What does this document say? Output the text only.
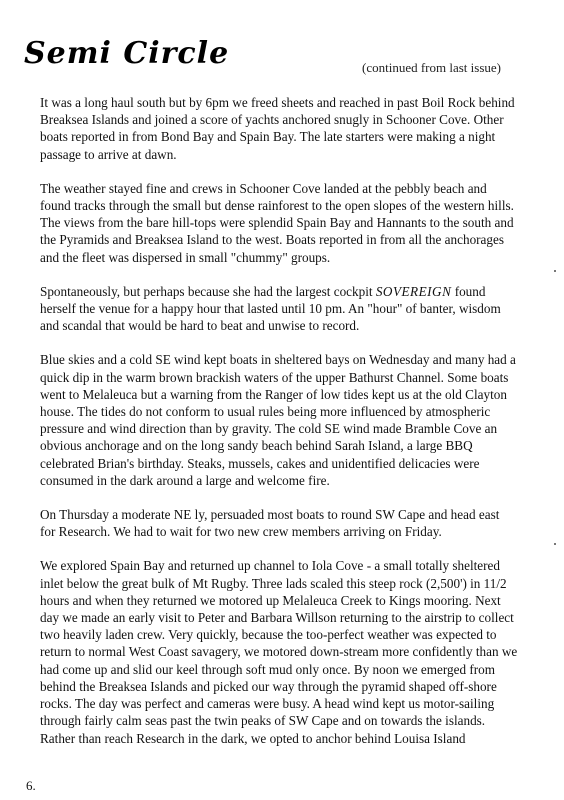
Semi Circle	(continued from last issue)

It was a long haul south but by 6pm we freed sheets and reached in past Boil Rock behind Breaksea Islands and joined a score of yachts anchored snugly in Schooner Cove. Other boats reported in from Bond Bay and Spain Bay. The late starters were making a night passage to arrive at dawn.

The weather stayed fine and crews in Schooner Cove landed at the pebbly beach and found tracks through the small but dense rainforest to the open slopes of the western hills. The views from the bare hill-tops were splendid Spain Bay and Hannants to the south and the Pyramids and Breaksea Island to the west. Boats reported in from all the anchorages and the fleet was dispersed in small "chummy" groups.

Spontaneously, but perhaps because she had the largest cockpit SOVEREIGN found herself the venue for a happy hour that lasted until 10 pm. An "hour" of banter, wisdom and scandal that would be hard to beat and unwise to record.

Blue skies and a cold SE wind kept boats in sheltered bays on Wednesday and many had a quick dip in the warm brown brackish waters of the upper Bathurst Channel. Some boats went to Melaleuca but a warning from the Ranger of low tides kept us at the old Clayton house. The tides do not conform to usual rules being more influenced by atmospheric pressure and wind direction than by gravity. The cold SE wind made Bramble Cove an obvious anchorage and on the long sandy beach behind Sarah Island, a large BBQ celebrated Brian's birthday. Steaks, mussels, cakes and unidentified delicacies were consumed in the dark around a large and welcome fire.

On Thursday a moderate NE ly, persuaded most boats to round SW Cape and head east for Research. We had to wait for two new crew members arriving on Friday.

We explored Spain Bay and returned up channel to Iola Cove - a small totally sheltered inlet below the great bulk of Mt Rugby. Three lads scaled this steep rock (2,500') in 11/2 hours and when they returned we motored up Melaleuca Creek to Kings mooring. Next day we made an early visit to Peter and Barbara Willson returning to the airstrip to collect two heavily laden crew. Very quickly, because the too-perfect weather was expected to return to normal West Coast savagery, we motored down-stream more confidently than we had come up and slid our keel through soft mud only once. By noon we emerged from behind the Breaksea Islands and picked our way through the pyramid shaped off-shore rocks. The day was perfect and cameras were busy. A head wind kept us motor-sailing through fairly calm seas past the twin peaks of SW Cape and on towards the islands. Rather than reach Research in the dark, we opted to anchor behind Louisa Island

6.
